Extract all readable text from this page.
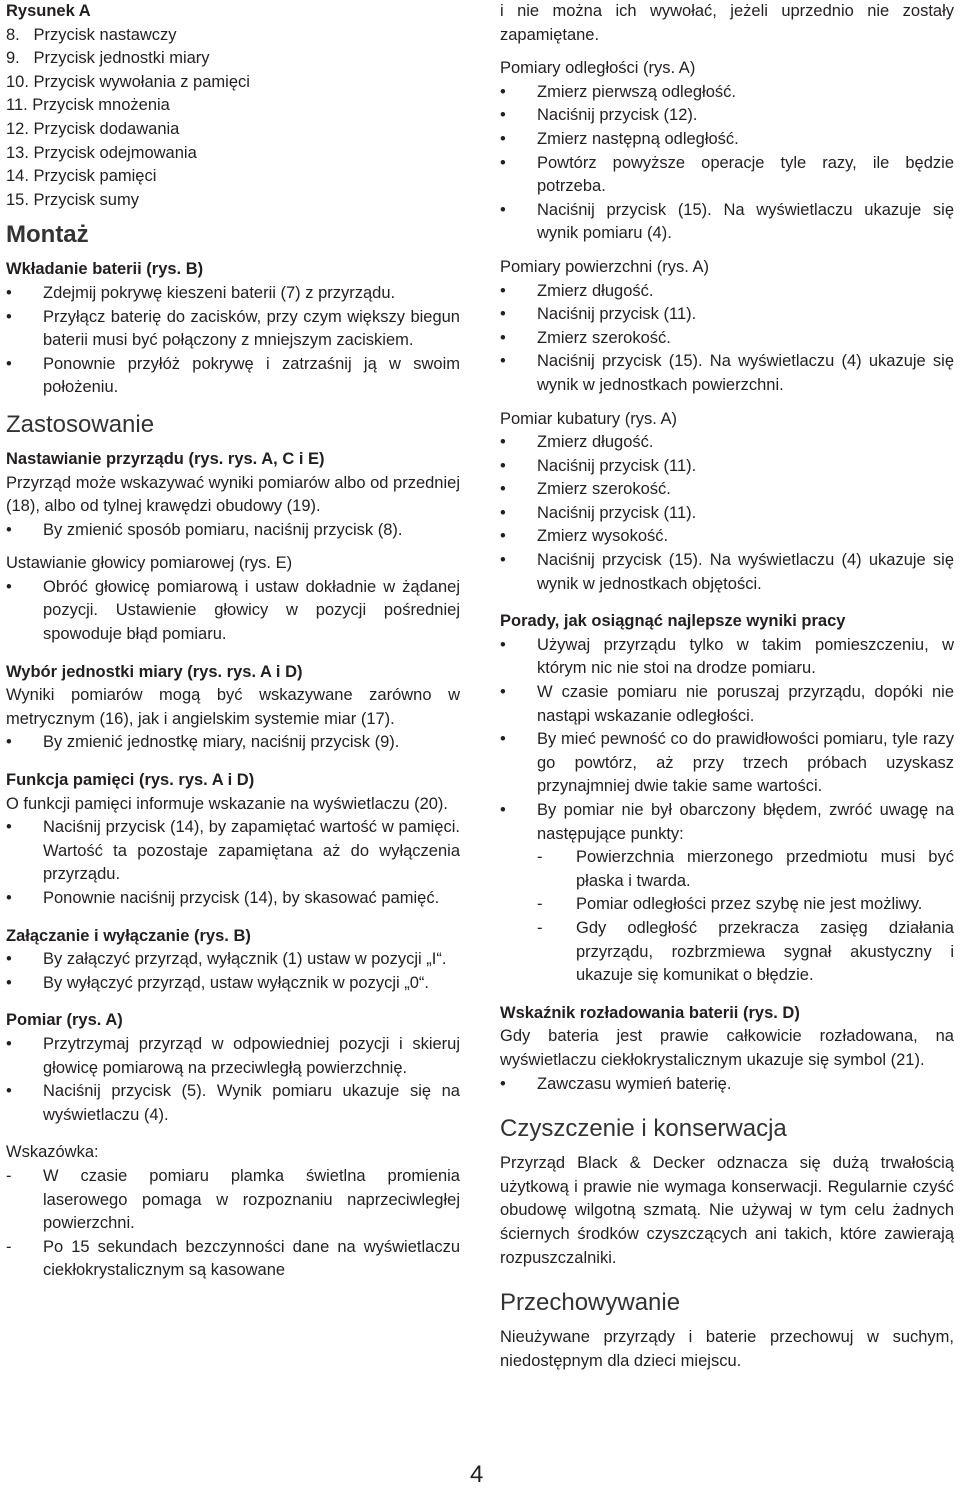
Rysunek A
8.   Przycisk nastawczy
9.   Przycisk jednostki miary
10. Przycisk wywołania z pamięci
11. Przycisk mnożenia
12. Przycisk dodawania
13. Przycisk odejmowania
14. Przycisk pamięci
15. Przycisk sumy
Montaż
Wkładanie baterii (rys. B)
• Zdejmij pokrywę kieszeni baterii (7) z przyrządu.
• Przyłącz baterię do zacisków, przy czym większy biegun baterii musi być połączony z mniejszym zaciskiem.
• Ponownie przyłóż pokrywę i zatrzaśnij ją w swoim położeniu.
Zastosowanie
Nastawianie przyrządu (rys. rys. A, C i E)

Przyrząd może wskazywać wyniki pomiarów albo od przedniej (18), albo od tylnej krawędzi obudowy (19).

• By zmienić sposób pomiaru, naciśnij przycisk (8).
Ustawianie głowicy pomiarowej (rys. E)
• Obróć głowicę pomiarową i ustaw dokładnie w żądanej pozycji. Ustawienie głowicy w pozycji pośredniej spowoduje błąd pomiaru.
Wybór jednostki miary (rys. rys. A i D)

Wyniki pomiarów mogą być wskazywane zarówno w metrycznym (16), jak i angielskim systemie miar (17).

• By zmienić jednostkę miary, naciśnij przycisk (9).
Funkcja pamięci (rys. rys. A i D)

O funkcji pamięci informuje wskazanie na wyświetlaczu (20).

• Naciśnij przycisk (14), by zapamiętać wartość w pamięci. Wartość ta pozostaje zapamiętana aż do wyłączenia przyrządu.
• Ponownie naciśnij przycisk (14), by skasować pamięć.
Załączanie i wyłączanie (rys. B)
• By załączyć przyrząd, wyłącznik (1) ustaw w pozycji „I“.
• By wyłączyć przyrząd, ustaw wyłącznik w pozycji „0“.
Pomiar (rys. A)
• Przytrzymaj przyrząd w odpowiedniej pozycji i skieruj głowicę pomiarową na przeciwległą powierzchnię.
• Naciśnij przycisk (5). Wynik pomiaru ukazuje się na wyświetlaczu (4).
Wskazówka:
- W czasie pomiaru plamka świetlna promienia laserowego pomaga w rozpoznaniu naprzeciwległej powierzchni.
- Po 15 sekundach bezczynności dane na wyświetlaczu ciekłokrystalicznym są kasowane

i nie można ich wywołać, jeżeli uprzednio nie zostały zapamiętane.

Pomiary odległości (rys. A)
• Zmierz pierwszą odległość.
• Naciśnij przycisk (12).
• Zmierz następną odległość.
• Powtórz powyższe operacje tyle razy, ile będzie potrzeba.
• Naciśnij przycisk (15). Na wyświetlaczu ukazuje się wynik pomiaru (4).
Pomiary powierzchni (rys. A)
• Zmierz długość.
• Naciśnij przycisk (11).
• Zmierz szerokość.
• Naciśnij przycisk (15). Na wyświetlaczu (4) ukazuje się wynik w jednostkach powierzchni.
Pomiar kubatury (rys. A)
• Zmierz długość.
• Naciśnij przycisk (11).
• Zmierz szerokość.
• Naciśnij przycisk (11).
• Zmierz wysokość.
• Naciśnij przycisk (15). Na wyświetlaczu (4) ukazuje się wynik w jednostkach objętości.
Porady, jak osiągnąć najlepsze wyniki pracy
• Używaj przyrządu tylko w takim pomieszczeniu, w którym nic nie stoi na drodze pomiaru.
• W czasie pomiaru nie poruszaj przyrządu, dopóki nie nastąpi wskazanie odległości.
• By mieć pewność co do prawidłowości pomiaru, tyle razy go powtórz, aż przy trzech próbach uzyskasz przynajmniej dwie takie same wartości.
• By pomiar nie był obarczony błędem, zwróć uwagę na następujące punkty:
- Powierzchnia mierzonego przedmiotu musi być płaska i twarda.
- Pomiar odległości przez szybę nie jest możliwy.
- Gdy odległość przekracza zasięg działania przyrządu, rozbrzmiewa sygnał akustyczny i ukazuje się komunikat o błędzie.
Wskaźnik rozładowania baterii (rys. D)

Gdy bateria jest prawie całkowicie rozładowana, na wyświetlaczu ciekłokrystalicznym ukazuje się symbol (21).

• Zawczasu wymień baterię.
Czyszczenie i konserwacja

Przyrząd Black & Decker odznacza się dużą trwałością użytkową i prawie nie wymaga konserwacji. Regularnie czyść obudowę wilgotną szmatą. Nie używaj w tym celu żadnych ściernych środków czyszczących ani takich, które zawierają rozpuszczalniki.

Przechowywanie

Nieużywane przyrządy i baterie przechowuj w suchym, niedostępnym dla dzieci miejscu.

4
